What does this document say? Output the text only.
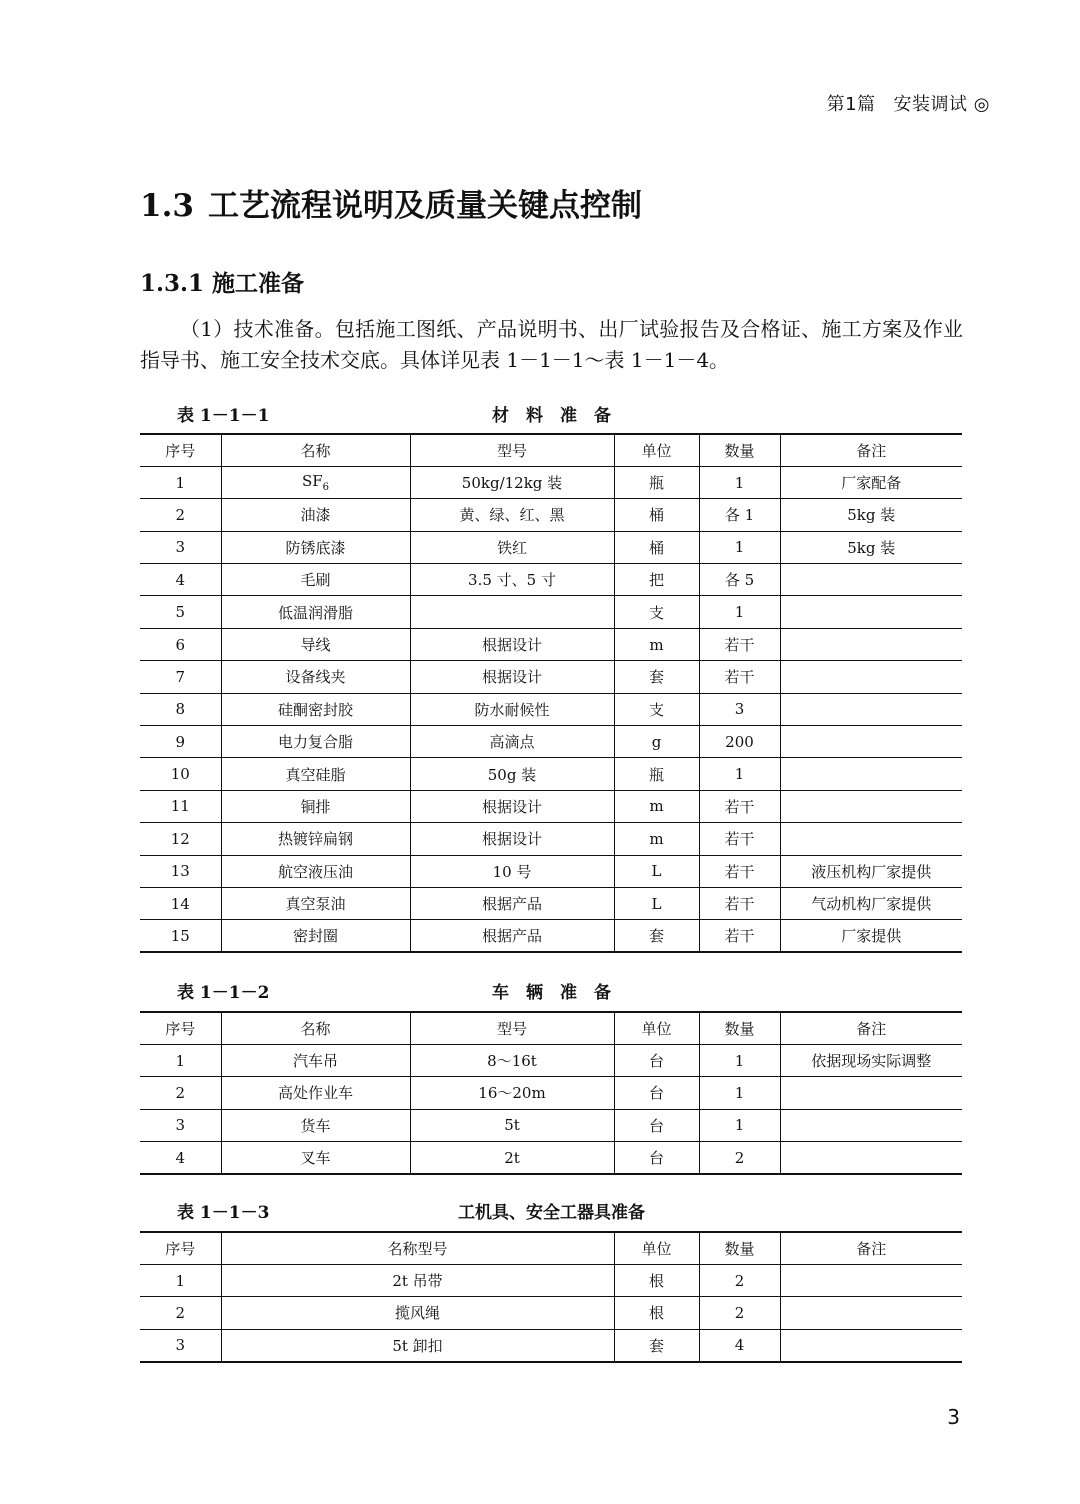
第1篇 安装调试 ◎
1.3 工艺流程说明及质量关键点控制
1.3.1 施工准备

（1）技术准备。包括施工图纸、产品说明书、出厂试验报告及合格证、施工方案及作业指导书、施工安全技术交底。具体详见表 1－1－1～表 1－1－4。

表 1－1－1	材　料　准　备
序号	名称	型号	单位	数量	备注
1	$SF_6$	50kg/12kg 装	瓶	1	厂家配备
2	油漆	黄、绿、红、黑	桶	各 1	5kg 装
3	防锈底漆	铁红	桶	1	5kg 装
4	毛刷	3.5 寸、5 寸	把	各 5	
5	低温润滑脂		支	1	
6	导线	根据设计	m	若干	
7	设备线夹	根据设计	套	若干	
8	硅酮密封胶	防水耐候性	支	3	
9	电力复合脂	高滴点	g	200	
10	真空硅脂	50g 装	瓶	1	
11	铜排	根据设计	m	若干	
12	热镀锌扁钢	根据设计	m	若干	
13	航空液压油	10 号	L	若干	液压机构厂家提供
14	真空泵油	根据产品	L	若干	气动机构厂家提供
15	密封圈	根据产品	套	若干	厂家提供
表 1－1－2	车　辆　准　备
序号	名称	型号	单位	数量	备注
1	汽车吊	8～16t	台	1	依据现场实际调整
2	高处作业车	16～20m	台	1	
3	货车	5t	台	1	
4	叉车	2t	台	2	
表 1－1－3	工机具、安全工器具准备
序号	名称型号	单位	数量	备注
1	2t 吊带	根	2	
2	揽风绳	根	2	
3	5t 卸扣	套	4	
3
